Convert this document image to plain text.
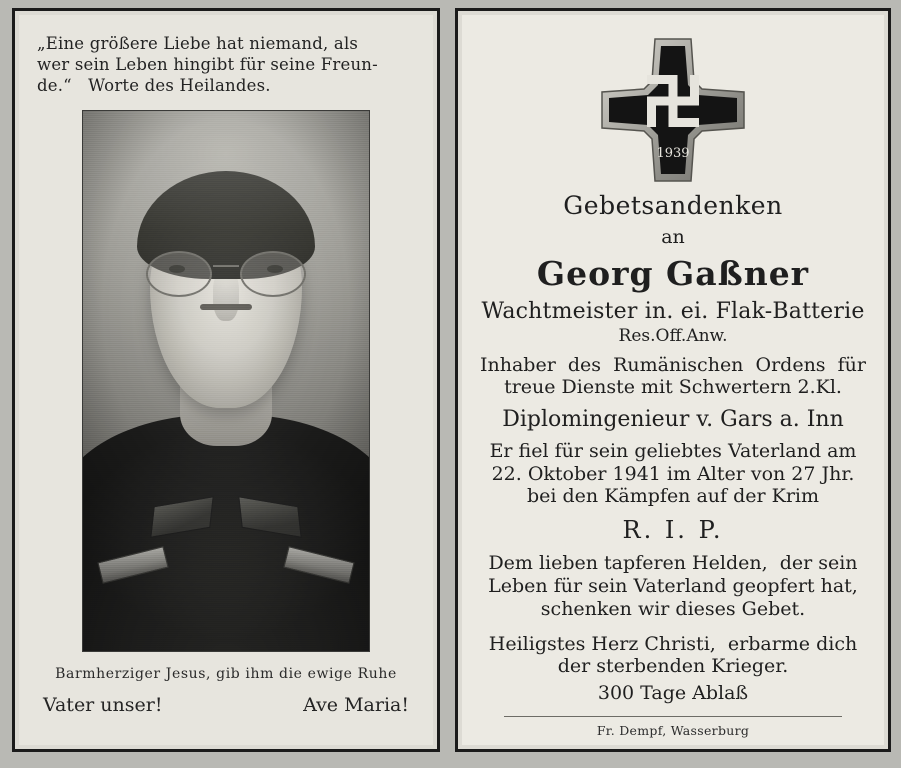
„Eine größere Liebe hat niemand, als
wer sein Leben hingibt für seine Freun-
de.“   Worte des Heilandes.
Barmherziger Jesus, gib ihm die ewige Ruhe
Vater unser!	Ave Maria!
1939
Gebetsandenken
an
Georg Gaßner
Wachtmeister in. ei. Flak-Batterie
Res.Off.Anw.
Inhaber  des  Rumänischen  Ordens  für
treue Dienste mit Schwertern 2.Kl.
Diplomingenieur v. Gars a. Inn
Er fiel für sein geliebtes Vaterland am
22. Oktober 1941 im Alter von 27 Jhr.
bei den Kämpfen auf der Krim
R. I. P.
Dem lieben tapferen Helden,  der sein
Leben für sein Vaterland geopfert hat,
schenken wir dieses Gebet.
Heiligstes Herz Christi,  erbarme dich
der sterbenden Krieger.
300 Tage Ablaß
Fr. Dempf, Wasserburg
